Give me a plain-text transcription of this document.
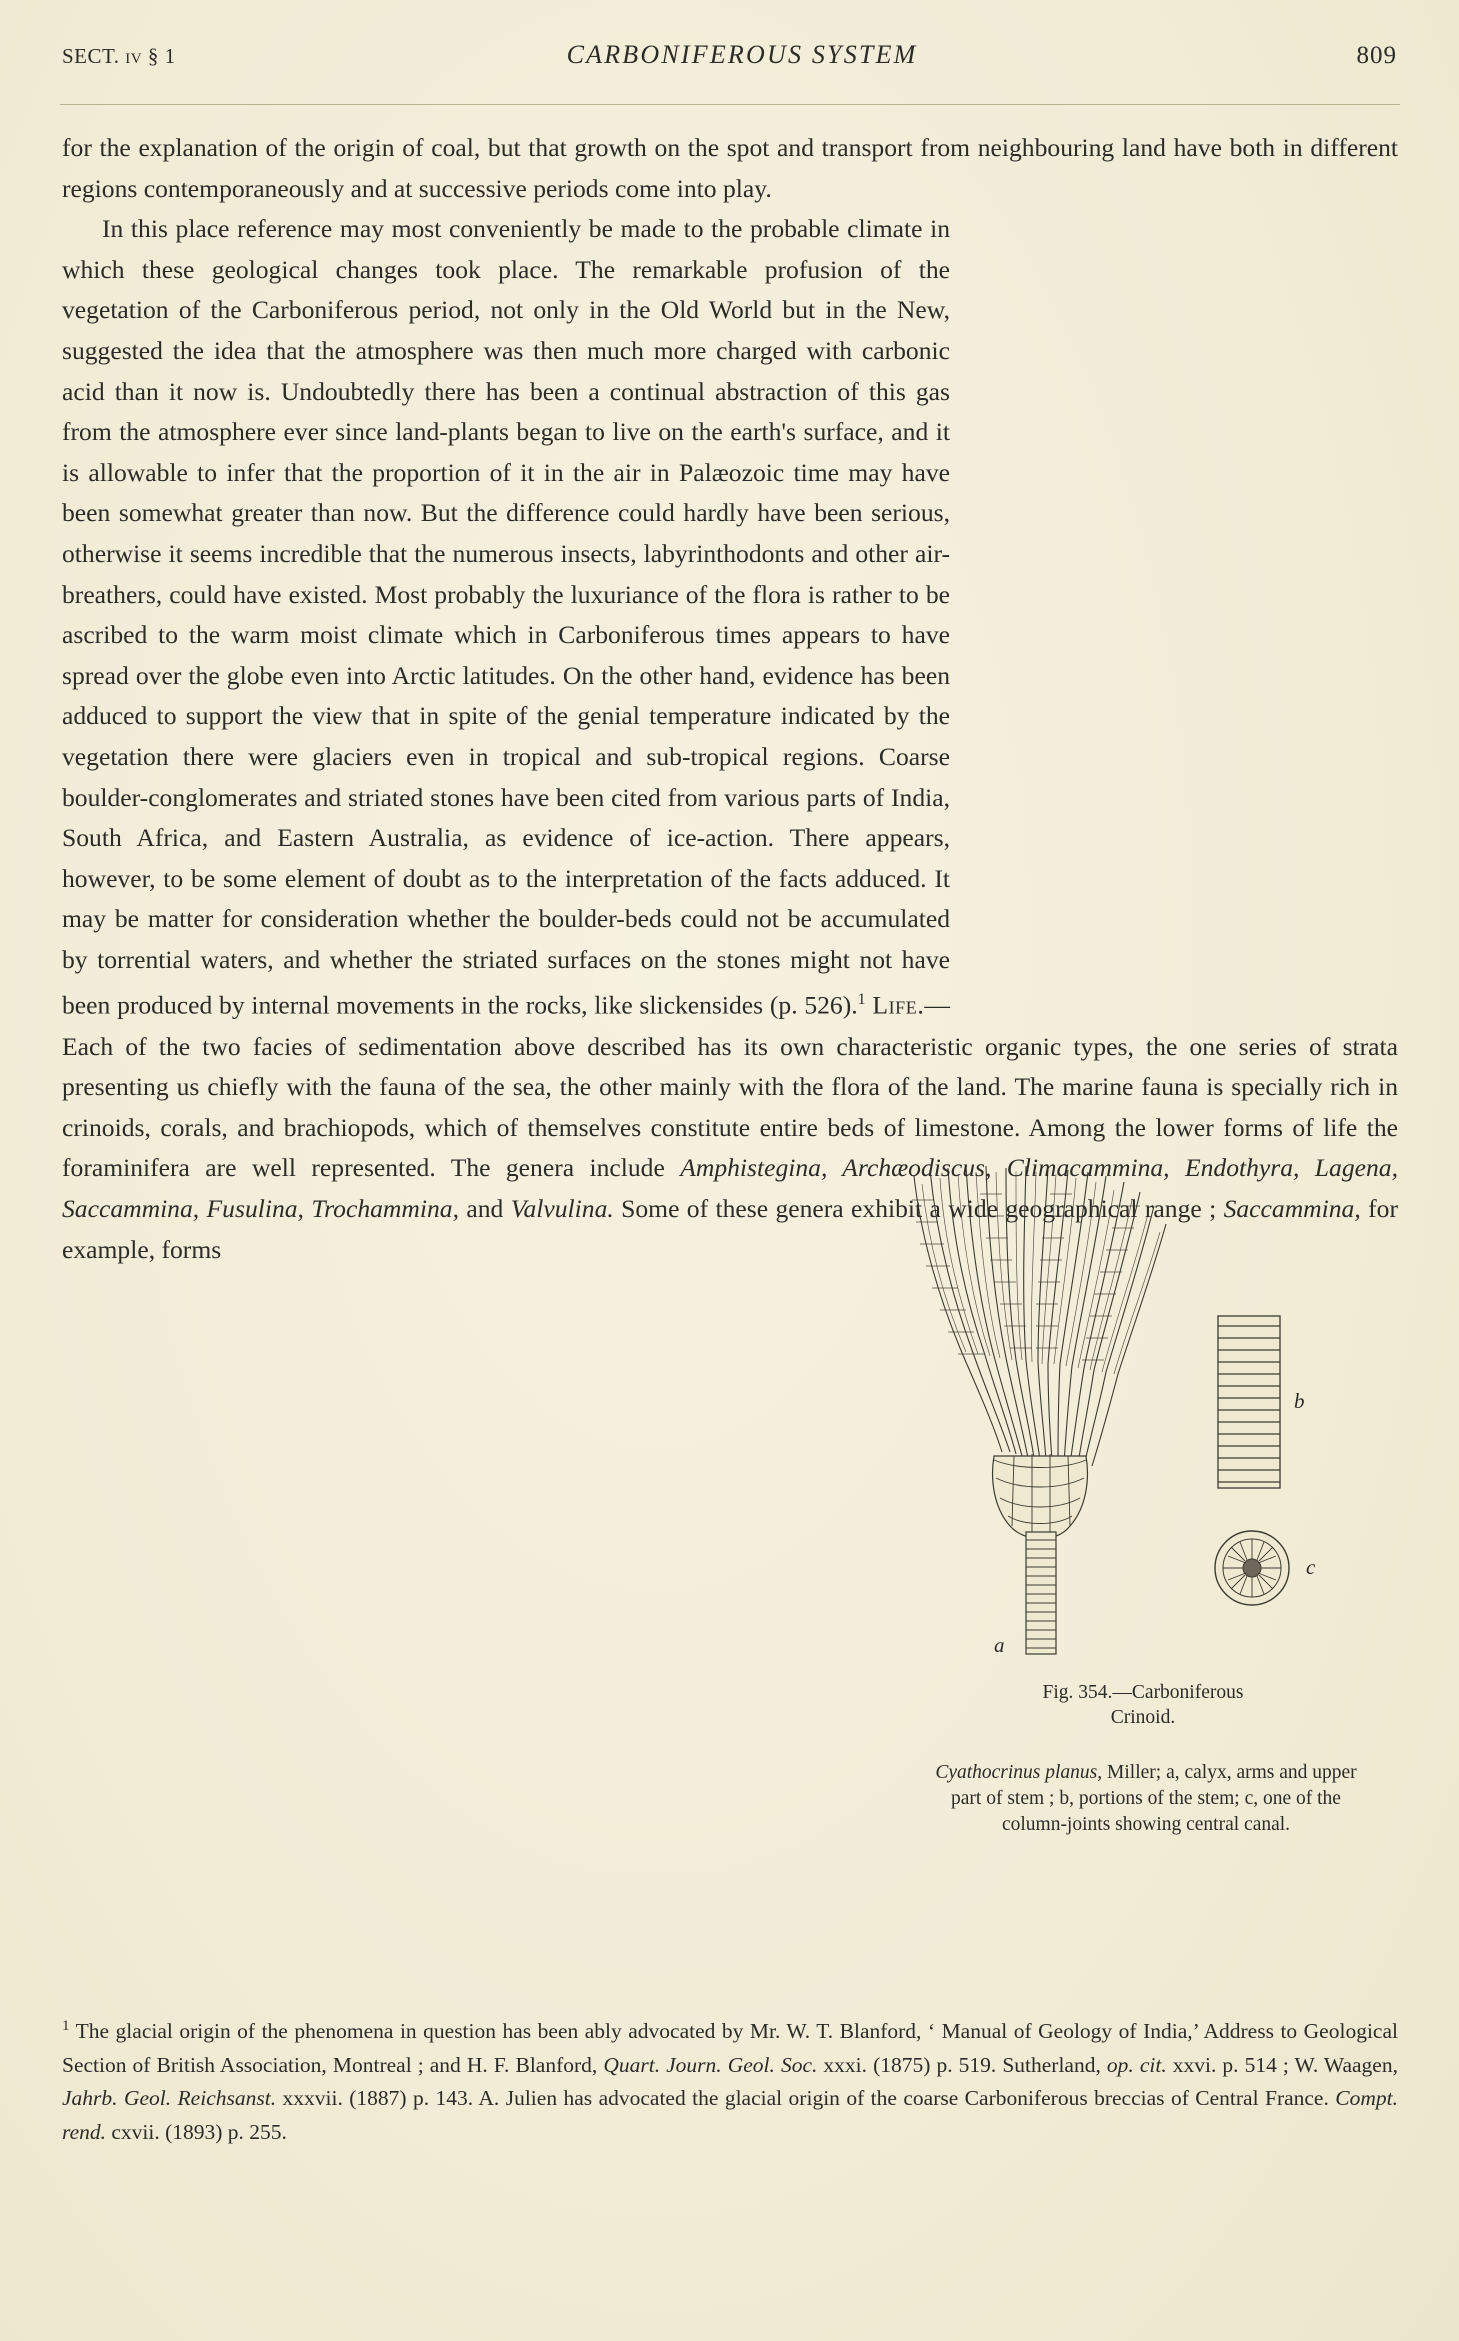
SECT. iv § 1	CARBONIFEROUS SYSTEM	809
a
b
c
Fig. 354.—Carboniferous
Crinoid.
Cyathocrinus planus, Miller; a, calyx, arms and upper part of stem ; b, portions of the stem; c, one of the column-joints showing central canal.

for the explanation of the origin of coal, but that growth on the spot and transport from neighbouring land have both in different regions contemporaneously and at successive periods come into play.

In this place reference may most conveniently be made to the probable climate in which these geological changes took place. The remarkable profusion of the vegetation of the Carboniferous period, not only in the Old World but in the New, suggested the idea that the atmosphere was then much more charged with carbonic acid than it now is. Undoubtedly there has been a continual abstraction of this gas from the atmosphere ever since land-plants began to live on the earth's surface, and it is allowable to infer that the proportion of it in the air in Palæozoic time may have been somewhat greater than now. But the difference could hardly have been serious, otherwise it seems incredible that the numerous insects, labyrinthodonts and other air-breathers, could have existed. Most probably the luxuriance of the flora is rather to be ascribed to the warm moist climate which in Carboniferous times appears to have spread over the globe even into Arctic latitudes. On the other hand, evidence has been adduced to support the view that in spite of the genial temperature indicated by the vegetation there were glaciers even in tropical and sub-tropical regions. Coarse boulder-conglomerates and striated stones have been cited from various parts of India, South Africa, and Eastern Australia, as evidence of ice-action. There appears, however, to be some element of doubt as to the interpretation of the facts adduced. It may be matter for consideration whether the boulder-beds could not be accumulated by torrential waters, and whether the striated surfaces on the stones might not have been produced by internal movements in the rocks, like slickensides (p. 526).$^1$ Life.—Each of the two facies of sedimentation above described has its own characteristic organic types, the one series of strata presenting us chiefly with the fauna of the sea, the other mainly with the flora of the land. The marine fauna is specially rich in crinoids, corals, and brachiopods, which of themselves constitute entire beds of limestone. Among the lower forms of life the foraminifera are well represented. The genera include Amphistegina, Archæodiscus, Climacammina, Endothyra, Lagena, Saccammina, Fusulina, Trochammina, and Valvulina. Some of these genera exhibit a wide geographical range ; Saccammina, for example, forms

$^1$ The glacial origin of the phenomena in question has been ably advocated by Mr. W. T. Blanford, ‘ Manual of Geology of India,’ Address to Geological Section of British Association, Montreal ; and H. F. Blanford, Quart. Journ. Geol. Soc. xxxi. (1875) p. 519. Sutherland, op. cit. xxvi. p. 514 ; W. Waagen, Jahrb. Geol. Reichsanst. xxxvii. (1887) p. 143. A. Julien has advocated the glacial origin of the coarse Carboniferous breccias of Central France. Compt. rend. cxvii. (1893) p. 255.
